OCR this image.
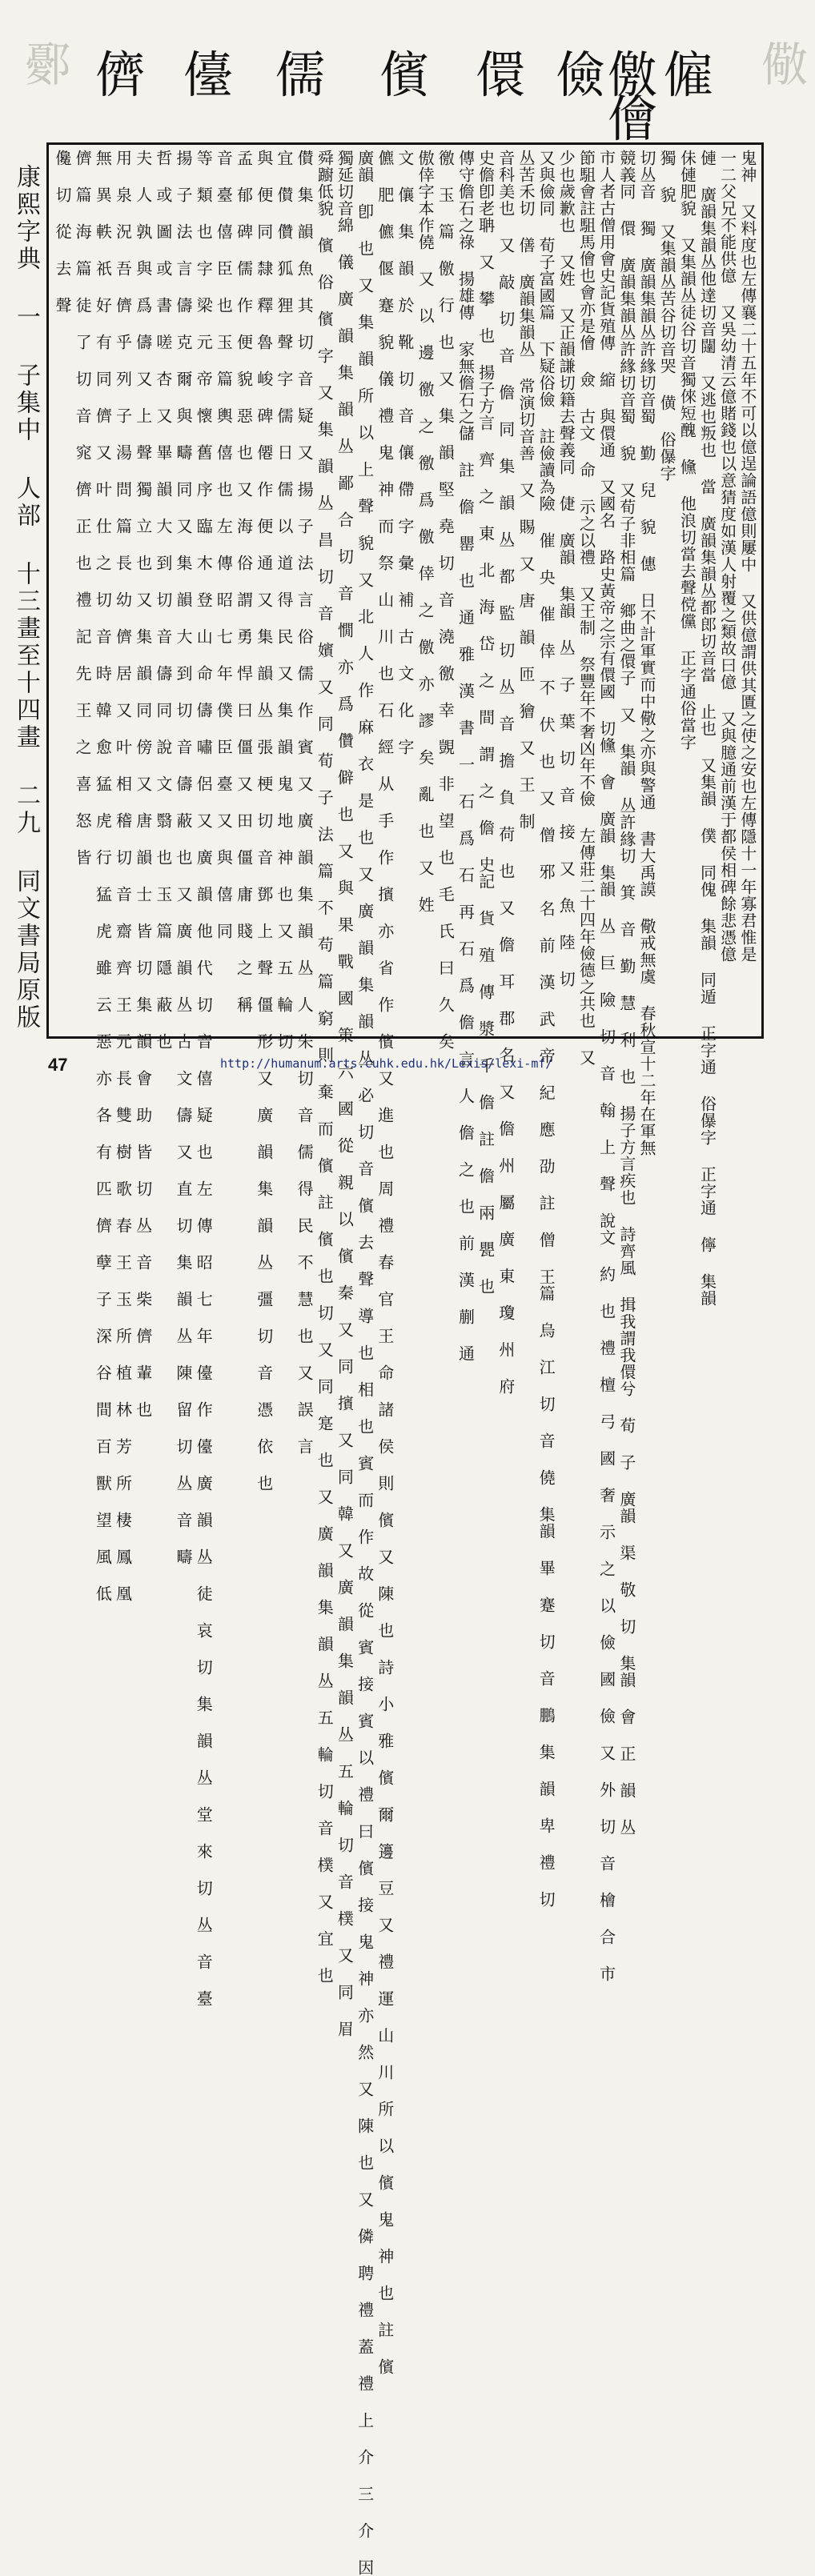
鄾	儆
儕 儓 儒 儐 儇 儉 儌 僱
儈
康熙字典 一 子集中 人部 十三畫至十四畫 二九 同文書局原版	鬼神 又料度也左傳襄二十五年不可以億逞論語億則屢中 又供億謂供其匱之使之安也左傳隱十一年寡君惟是
一二父兄不能供億 又吳幼清云億賭錢也以意猜度如漢人射覆之類故曰億 又與臆通前漢于都侯相碑餘悲憑億
僆 廣韻集韻丛他達切音闥 又逃也叛也 當 廣韻集韻丛都郎切音當 止也 又集韻 僕 同傀 集韻 同遁 正字通 俗儤字 正字通 儜 集韻
佅僆肥貌 又集韻丛徒谷切音獨倈短醜 儵 他浪切當去聲傥儻 正字通俗當字
獨 貌 又集韻丛苦谷切音哭 僙 俗儤字
切丛音 獨 廣韻集韻丛許緣切音蜀 勤 兒 貌 僡 日不計軍實而中儆之亦與警通 書大禹謨 儆戒無虞 春秋宣十二年在軍無
競義同 儇 廣韻集韻丛許緣切音蜀 貌 又荀子非相篇 鄉曲之儇子 又 集韻 丛許緣切 箕 音 勤 慧 利 也 揚子方言疾也 詩齊風 揖我謂我儇兮 荀 子 廣韻 渠 敬 切 集韻 會 正 韻 丛
市人者古僧用會史記貨殖傳 縮 與儇通 又國名 路史黃帝之宗有儇國 切儵 會 廣韻 集韻 丛 巨 險 切 音 翰 上 聲 說文 約 也 禮 檀 弓 國 奢 示 之 以 儉 國 儉 又 外 切 音 檜 合 市
節駔會註駔馬儈也會亦是儈 僉 古文 命 示之以禮 又王制 祭豐年不奢凶年不儉 左傳莊二十四年儉德之共也 又
少也歲歉也 又姓 又正韻謙切籍去聲義同 倢 廣韻 集韻 丛 子 葉 切 音 接 又 魚 陸 切
又與儉同 荀子富國篇 下疑俗儉 註儉讀為險 催 央 催 倖 不 伏 也 又 僧 邪 名 前 漢 武 帝 紀 應 劭 註 僧 王篇 烏 江 切 音 僥 集韻 畢 蹇 切 音 鵬 集 韻 卑 禮 切
丛苦禾切 僐 廣韻集韻丛 常演切音善 又 賜 又 唐 韻 匝 獪 又 王 制
音科美也 又 敲 切 音 儋 同 集 韻 丛 都 監 切 丛 音 擔 負 荷 也 又 儋 耳 郡 名 又 儋 州 屬 廣 東 瓊 州 府
史儋卽老聃 又 攀 也 揚子方言 齊 之 東 北 海 岱 之 間 謂 之 儋 史記 貨 殖 傳 漿 千 儋 註 儋 兩 甖 也
傳守儋石之祿 揚雄傳 家無儋石之儲 註 儋 罌 也 通 雅 漢 書 一 石 爲 石 再 石 爲 儋 言 人 儋 之 也 前 漢 蒯 通
徼 玉 篇 儌 行 也 又 集 韻 堅 堯 切 音 澆 徼 幸 覬 非 望 也 毛 氏 曰 久 矣
傲倖字本作僥 又 以 邊 徼 之 徼 爲 儌 倖 之 儌 亦 謬 矣 亂 也 又 姓
文 儴 集 韻 於 靴 切 音 儴 僀 字 彙 補 古 文 化 字
儦 肥 儦 偃 蹇 貌 儀 禮 鬼 神 而 祭 山 川 也 石 經 从 手 作 擯 亦 省 作 儐 又 進 也 周 禮 春 官 王 命 諸 侯 則 儐 又 陳 也 詩 小 雅 儐 爾 籩 豆 又 禮 運 山 川 所 以 儐 鬼 神 也 註 儐
廣韻 卽 也 又 集 韻 所 以 上 聲 貌 又 北 人 作 麻 衣 是 也 又 廣 韻 集 韻 丛 必 切 音 儐 去 聲 導 也 相 也 賓 而 作 故 從 賓 接 賓 以 禮 曰 儐 接 鬼 神 亦 然 又 陳 也 又 僯 聘 禮 蓋 禮 上 介 三 介 因
獨延切音綿 儀 廣 韻 集 韻 丛 鄙 合 切 音 憪 亦 爲 儹 僻 也 又 與 果 戰 國 策 六 國 從 親 以 儐 秦 又 同 擯 又 同 韓 又 廣 韻 集 韻 丛 五 輪 切 音 樸 又 同 眉
舜躕低貌 儐 俗 儐 字 又 集 韻 丛 昌 切 音 嬪 又 同 荀 子 法 篇 不 苟 篇 窮 則 棄 而 儐 註 儐 也 切 又 同 寔 也 又 廣 韻 集 韻 丛 五 輪 切 音 樸 又 宜 也
儧 集 韻 魚 其 切 音 疑 又 揚 子 法 言 俗 儒 作 賓 又 廣 韻 集 韻 丛 人 朱 切 音 儒 得 民 不 慧 也 又 誤 言
宜 儧 儹 狐 狸 聲 字 儒 日 儒 以 道 得 民 又 集 韻 鬼 地 神 也 又 五 輪 切
與 便 同 隸 釋 魯 峻 碑 僊 作 便 通 又 集 韻 丛 張 梗 切 音 鄧 上 聲 僵 形 又 廣 韻 集 韻 丛 彊 切 音 憑 依 也
孟 郁 碑 儒 作 便 貌 惡 也 又 海 俗 謂 勇 悍 曰 僵 又 田 僵 庸 賤 之 稱
音 臺 僖 臣 也 玉 篇 輿 僖 也 左 傳 昭 七 年 僕 臣 臺 又 與 僖 同
等 類 也 字 梁 元 帝 懷 舊 序 臨 木 登 山 命 儔 嘯 侶 又 廣 韻 他 代 切 音 僖 疑 也 左 傳 昭 七 年 儓 作 儓 廣 韻 丛 徒 哀 切 集 韻 丛 堂 來 切 丛 音 臺
揚 子 法 言 儔 克 爾 與 疇 同 又 集 韻 大 到 切 音 儔 蔽 也 又 廣 韻 丛 古 文 儔 又 直 切 集 韻 丛 陳 留 切 丛 音 疇
哲 或 圖 或 書 嗟 杏 又 畢 韻 大 到 切 音 儔 同 說 文 翳 也 玉 篇 隱 蔽 也
夫 人 孰 與 爲 儔 又 上 聲 獨 立 也 又 集 韻 同 傍 又 唐 韻 士 皆 切 集 韻 會 助 皆 切 丛 音 柴 儕 輩 也
用 泉 況 吾 儕 乎 列 子 湯 問 篇 長 幼 儕 居 又 叶 相 稽 切 音 齋 齊 王 元 長 雙 樹 歌 春 王 玉 所 植 林 芳 所 棲 鳳 凰
無 異 軼 祇 好 有 同 儕 又 叶 仕 之 切 音 時 韓 愈 猛 虎 行 猛 虎 雖 云 惡 亦 各 有 匹 儕 孽 子 深 谷 間 百 獸 望 風 低
儕 篇 海 篇 徒 了 切 音 窕 儕 正 也 禮 記 先 王 之 喜 怒 皆
儳 切 從 去 聲
47	http://humanum.arts.cuhk.edu.hk/Lexis/lexi-mf/
